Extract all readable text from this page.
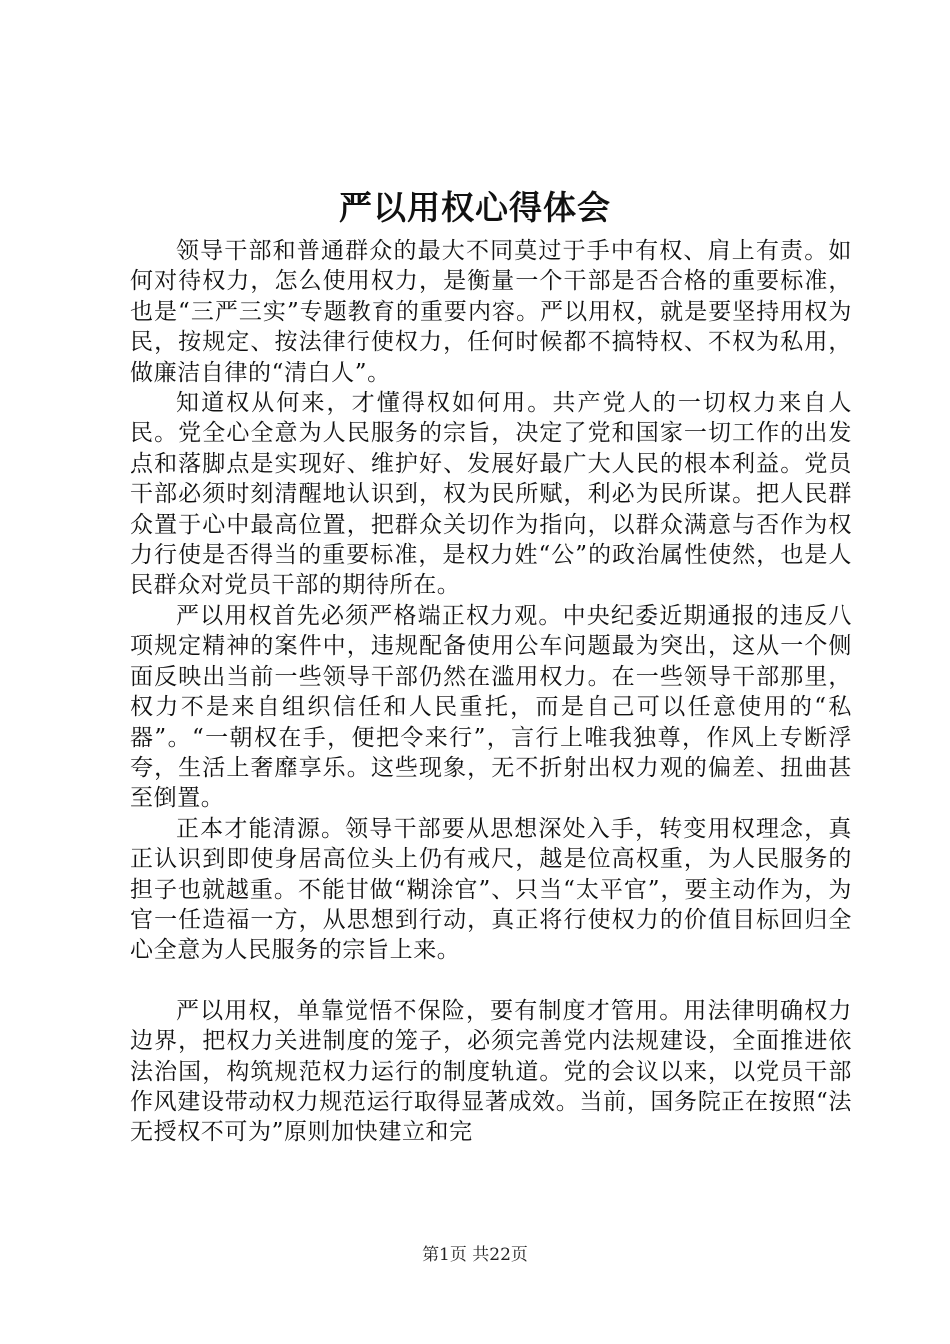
严以用权心得体会

领导干部和普通群众的最大不同莫过于手中有权、肩上有责。如何对待权力，怎么使用权力，是衡量一个干部是否合格的重要标准，也是“三严三实”专题教育的重要内容。严以用权，就是要坚持用权为民，按规定、按法律行使权力，任何时候都不搞特权、不权为私用，做廉洁自律的“清白人”。

知道权从何来，才懂得权如何用。共产党人的一切权力来自人民。党全心全意为人民服务的宗旨，决定了党和国家一切工作的出发点和落脚点是实现好、维护好、发展好最广大人民的根本利益。党员干部必须时刻清醒地认识到，权为民所赋，利必为民所谋。把人民群众置于心中最高位置，把群众关切作为指向，以群众满意与否作为权力行使是否得当的重要标准，是权力姓“公”的政治属性使然，也是人民群众对党员干部的期待所在。

严以用权首先必须严格端正权力观。中央纪委近期通报的违反八项规定精神的案件中，违规配备使用公车问题最为突出，这从一个侧面反映出当前一些领导干部仍然在滥用权力。在一些领导干部那里，权力不是来自组织信任和人民重托，而是自己可以任意使用的“私器”。“一朝权在手，便把令来行”，言行上唯我独尊，作风上专断浮夸，生活上奢靡享乐。这些现象，无不折射出权力观的偏差、扭曲甚至倒置。

正本才能清源。领导干部要从思想深处入手，转变用权理念，真正认识到即使身居高位头上仍有戒尺，越是位高权重，为人民服务的担子也就越重。不能甘做“糊涂官”、只当“太平官”，要主动作为，为官一任造福一方，从思想到行动，真正将行使权力的价值目标回归全心全意为人民服务的宗旨上来。

严以用权，单靠觉悟不保险，要有制度才管用。用法律明确权力边界，把权力关进制度的笼子，必须完善党内法规建设，全面推进依法治国，构筑规范权力运行的制度轨道。党的会议以来，以党员干部作风建设带动权力规范运行取得显著成效。当前，国务院正在按照“法无授权不可为”原则加快建立和完

第1页 共22页
